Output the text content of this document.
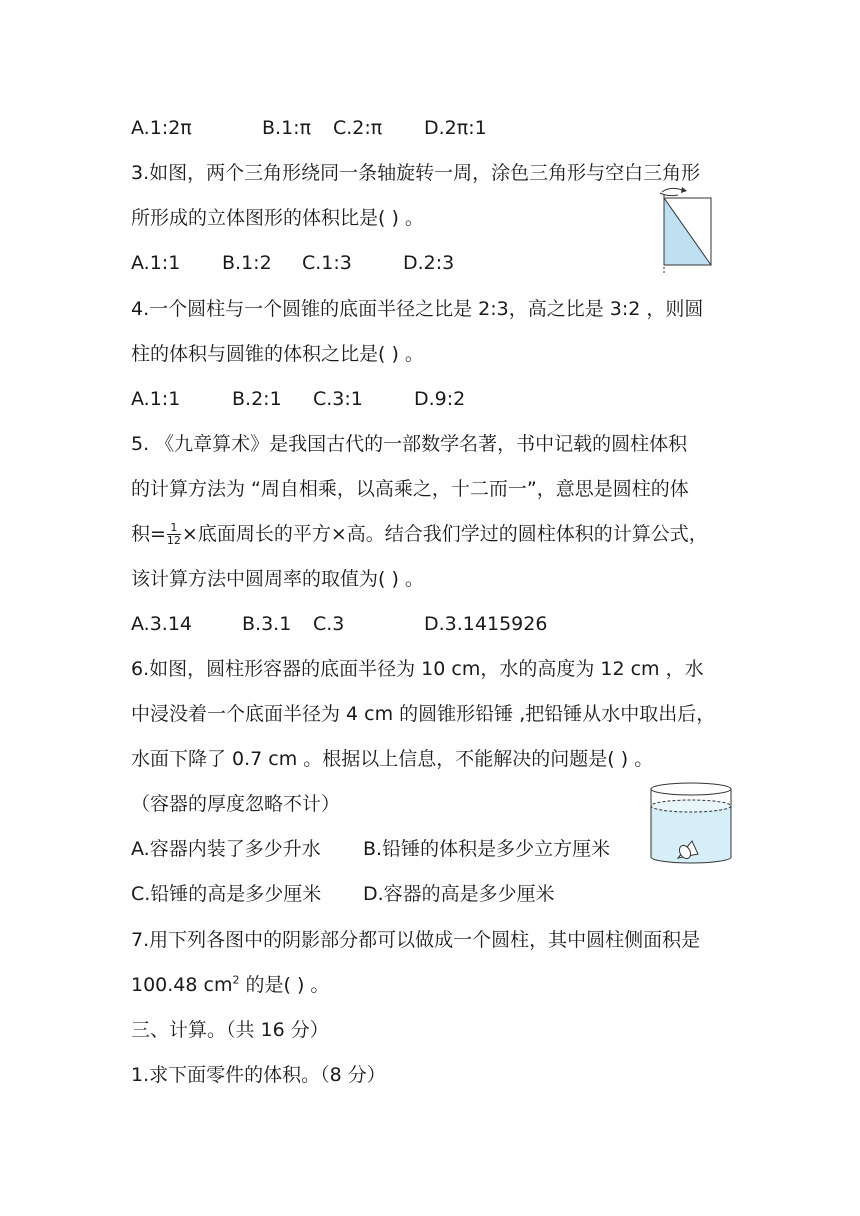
A.1:2π	B.1:π C.2:π D.2π:1
3.如图，两个三角形绕同一条轴旋转一周，涂色三角形与空白三角形
所形成的立体图形的体积比是( ) 。
A.1:1 B.1:2 C.1:3	D.2:3
4.一个圆柱与一个圆锥的底面半径之比是 2:3，高之比是 3:2 ，则圆
柱的体积与圆锥的体积之比是( ) 。
A.1:1	B.2:1 C.3:1	D.9:2
5. 《九章算术》是我国古代的一部数学名著，书中记载的圆柱体积
的计算方法为 “周自相乘，以高乘之，十二而一”，意思是圆柱的体
积= $\frac{1}{12}$ ×底面周长的平方×高。结合我们学过的圆柱体积的计算公式，
该计算方法中圆周率的取值为( ) 。
A.3.14	B.3.1 C.3	D.3.1415926
6.如图，圆柱形容器的底面半径为 10 cm，水的高度为 12 cm ，水
中浸没着一个底面半径为 4 cm 的圆锥形铅锤 ,把铅锤从水中取出后，
水面下降了 0.7 cm 。根据以上信息，不能解决的问题是( ) 。
（容器的厚度忽略不计）
A.容器内装了多少升水 B.铅锤的体积是多少立方厘米
C.铅锤的高是多少厘米 D.容器的高是多少厘米
7.用下列各图中的阴影部分都可以做成一个圆柱，其中圆柱侧面积是
100.48 $cm^2$ 的是( ) 。
三、计算。（共 16 分）
1.求下面零件的体积。（8 分）
